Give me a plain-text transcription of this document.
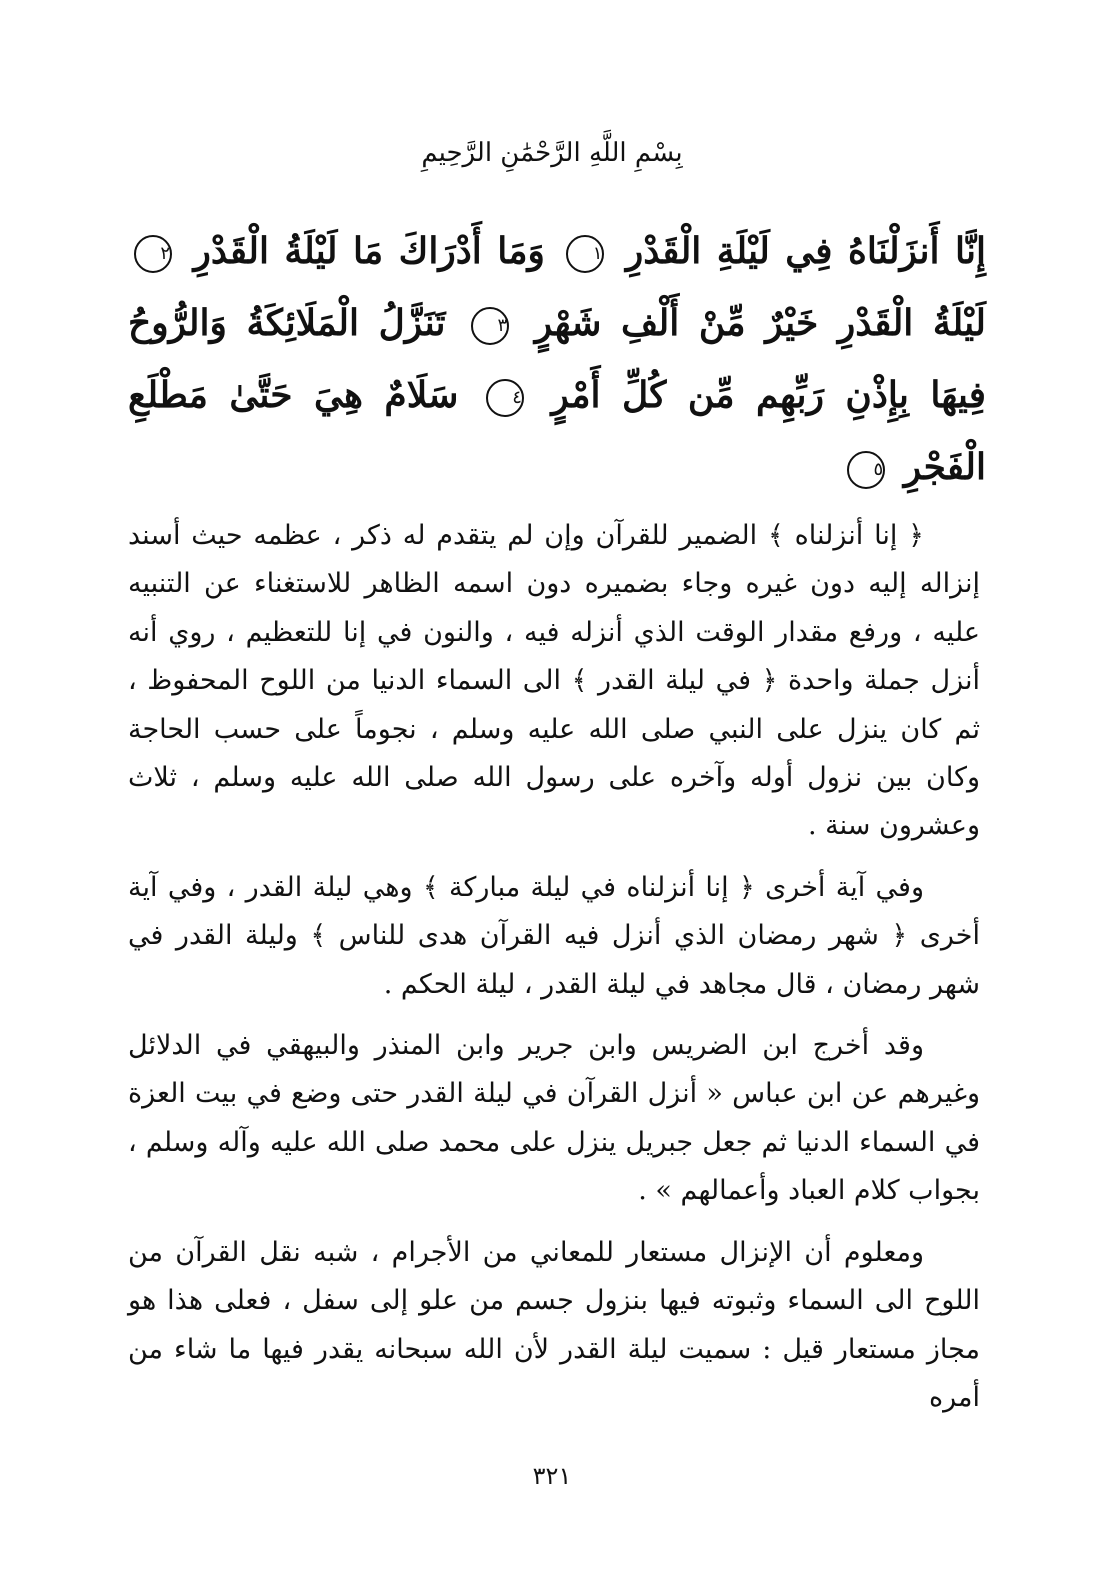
بِسْمِ اللَّهِ الرَّحْمَٰنِ الرَّحِيمِ
إِنَّا أَنزَلْنَاهُ فِي لَيْلَةِ الْقَدْرِ ١ وَمَا أَدْرَاكَ مَا لَيْلَةُ الْقَدْرِ ٢ لَيْلَةُ الْقَدْرِ خَيْرٌ مِّنْ أَلْفِ شَهْرٍ ٣ تَنَزَّلُ الْمَلَائِكَةُ وَالرُّوحُ فِيهَا بِإِذْنِ رَبِّهِم مِّن كُلِّ أَمْرٍ ٤ سَلَامٌ هِيَ حَتَّىٰ مَطْلَعِ الْفَجْرِ ٥

﴿ إنا أنزلناه ﴾ الضمير للقرآن وإن لم يتقدم له ذكر ، عظمه حيث أسند إنزاله إليه دون غيره وجاء بضميره دون اسمه الظاهر للاستغناء عن التنبيه عليه ، ورفع مقدار الوقت الذي أنزله فيه ، والنون في إنا للتعظيم ، روي أنه أنزل جملة واحدة ﴿ في ليلة القدر ﴾ الى السماء الدنيا من اللوح المحفوظ ، ثم كان ينزل على النبي صلى الله عليه وسلم ، نجوماً على حسب الحاجة وكان بين نزول أوله وآخره على رسول الله صلى الله عليه وسلم ، ثلاث وعشرون سنة .

وفي آية أخرى ﴿ إنا أنزلناه في ليلة مباركة ﴾ وهي ليلة القدر ، وفي آية أخرى ﴿ شهر رمضان الذي أنزل فيه القرآن هدى للناس ﴾ وليلة القدر في شهر رمضان ، قال مجاهد في ليلة القدر ، ليلة الحكم .

وقد أخرج ابن الضريس وابن جرير وابن المنذر والبيهقي في الدلائل وغيرهم عن ابن عباس « أنزل القرآن في ليلة القدر حتى وضع في بيت العزة في السماء الدنيا ثم جعل جبريل ينزل على محمد صلى الله عليه وآله وسلم ، بجواب كلام العباد وأعمالهم » .

ومعلوم أن الإنزال مستعار للمعاني من الأجرام ، شبه نقل القرآن من اللوح الى السماء وثبوته فيها بنزول جسم من علو إلى سفل ، فعلى هذا هو مجاز مستعار قيل : سميت ليلة القدر لأن الله سبحانه يقدر فيها ما شاء من أمره

٣٢١
